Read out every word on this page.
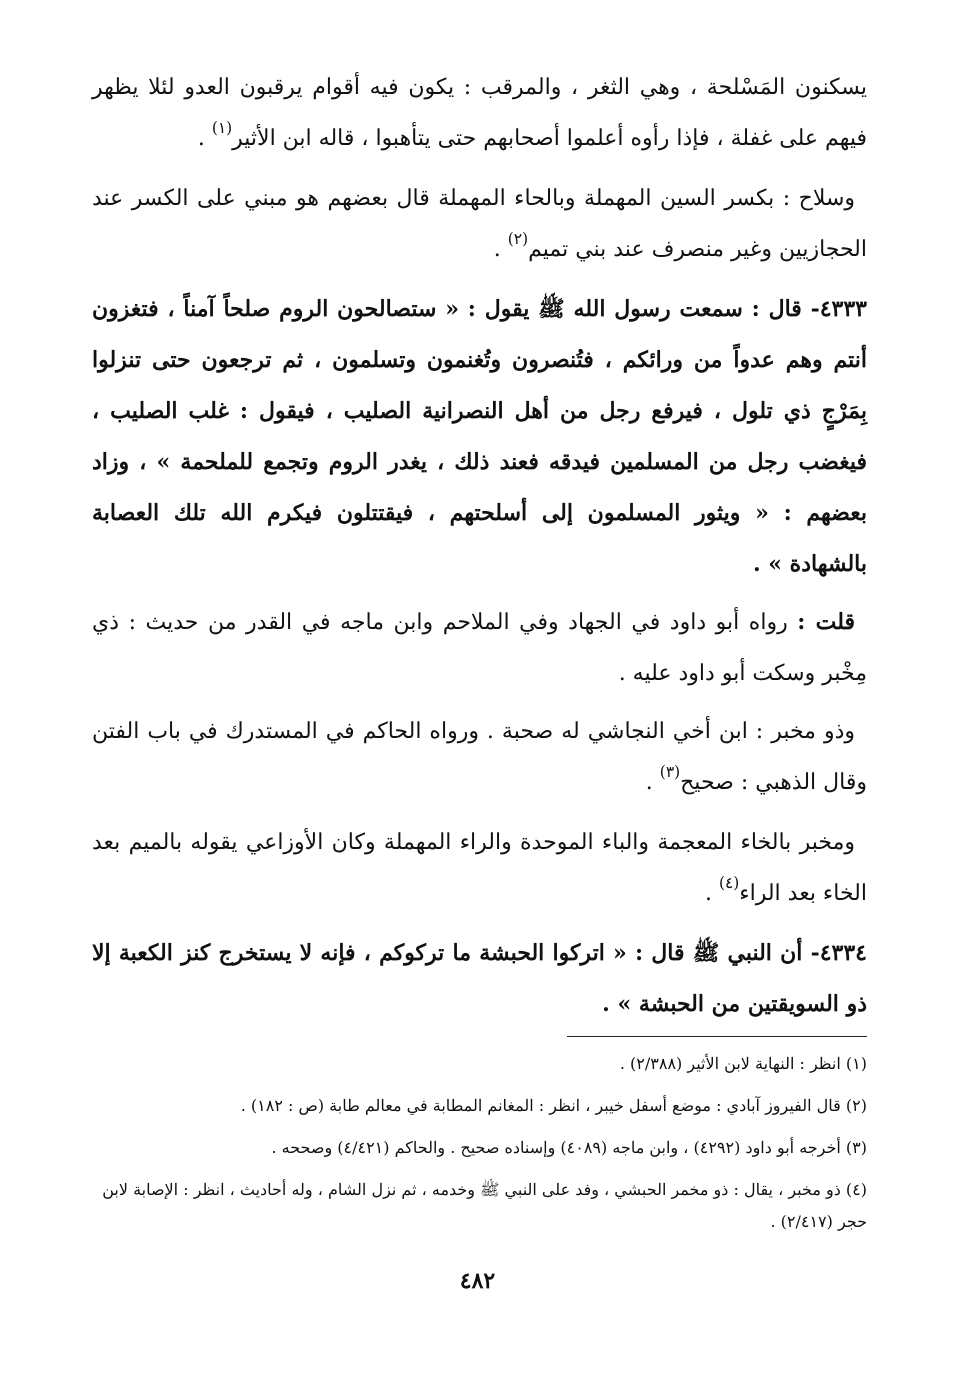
يسكنون المَسْلحة ، وهي الثغر ، والمرقب : يكون فيه أقوام يرقبون العدو لئلا يظهر فيهم على غفلة ، فإذا رأوه أعلموا أصحابهم حتى يتأهبوا ، قاله ابن الأثير$^{(١)}$ .

وسلاح : بكسر السين المهملة وبالحاء المهملة قال بعضهم هو مبني على الكسر عند الحجازيين وغير منصرف عند بني تميم$^{(٢)}$ .

٤٣٣٣- قال : سمعت رسول الله ﷺ يقول : « ستصالحون الروم صلحاً آمناً ، فتغزون أنتم وهم عدواً من ورائكم ، فتُنصرون وتُغنمون وتسلمون ، ثم ترجعون حتى تنزلوا بِمَرْجٍ ذي تلول ، فيرفع رجل من أهل النصرانية الصليب ، فيقول : غلب الصليب ، فيغضب رجل من المسلمين فيدقه فعند ذلك ، يغدر الروم وتجمع للملحمة » ، وزاد بعضهم : « ويثور المسلمون إلى أسلحتهم ، فيقتتلون فيكرم الله تلك العصابة بالشهادة » .

قلت : رواه أبو داود في الجهاد وفي الملاحم وابن ماجه في القدر من حديث : ذي مِخْبر وسكت أبو داود عليه .

وذو مخبر : ابن أخي النجاشي له صحبة . ورواه الحاكم في المستدرك في باب الفتن وقال الذهبي : صحيح$^{(٣)}$ .

ومخبر بالخاء المعجمة والباء الموحدة والراء المهملة وكان الأوزاعي يقوله بالميم بعد الخاء بعد الراء$^{(٤)}$ .

٤٣٣٤- أن النبي ﷺ قال : « اتركوا الحبشة ما تركوكم ، فإنه لا يستخرج كنز الكعبة إلا ذو السويقتين من الحبشة » .

(١) انظر : النهاية لابن الأثير (٢/٣٨٨) .

(٢) قال الفيروز آبادي : موضع أسفل خيبر ، انظر : المغانم المطابة في معالم طابة (ص : ١٨٢) .

(٣) أخرجه أبو داود (٤٢٩٢) ، وابن ماجه (٤٠٨٩) وإسناده صحيح . والحاكم (٤/٤٢١) وصححه .

(٤) ذو مخبر ، يقال : ذو مخمر الحبشي ، وفد على النبي ﷺ وخدمه ، ثم نزل الشام ، وله أحاديث ، انظر : الإصابة لابن حجر (٢/٤١٧) .

٤٨٢
